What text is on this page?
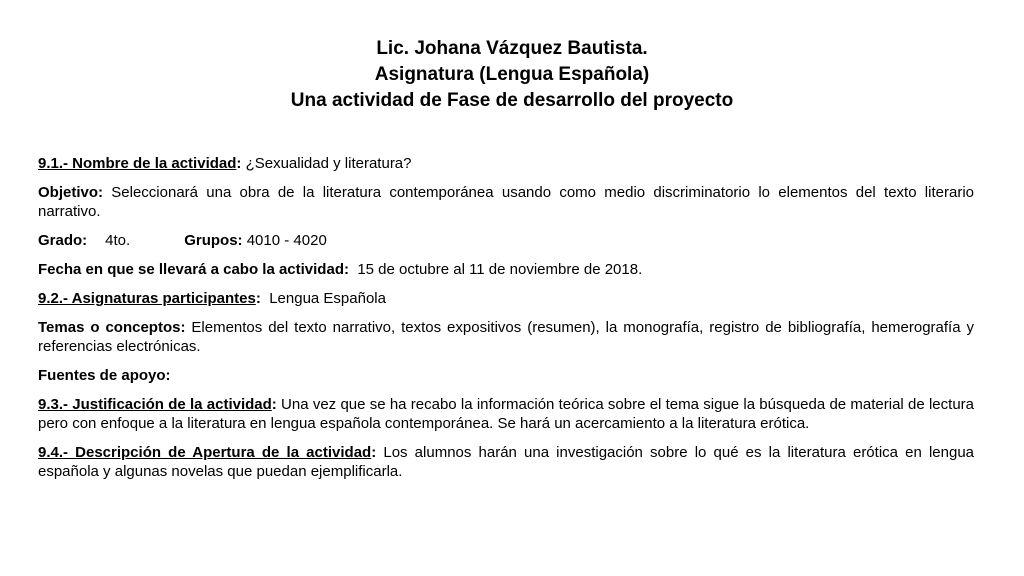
Lic. Johana Vázquez Bautista.
Asignatura (Lengua Española)
Una actividad de Fase de desarrollo del proyecto

9.1.- Nombre de la actividad: ¿Sexualidad y literatura?

Objetivo: Seleccionará una obra de la literatura contemporánea usando como medio discriminatorio lo elementos del texto literario narrativo.

Grado: 4to.	Grupos: 4010 - 4020

Fecha en que se llevará a cabo la actividad:  15 de octubre al 11 de noviembre de 2018.

9.2.- Asignaturas participantes:  Lengua Española

Temas o conceptos: Elementos del texto narrativo, textos expositivos (resumen), la monografía, registro de bibliografía, hemerografía y referencias electrónicas.

Fuentes de apoyo:

9.3.- Justificación de la actividad: Una vez que se ha recabo la información teórica sobre el tema sigue la búsqueda de material de lectura pero con enfoque a la literatura en lengua española contemporánea. Se hará un acercamiento a la literatura erótica.

9.4.- Descripción de Apertura de la actividad: Los alumnos harán una investigación sobre lo qué es la literatura erótica en lengua española y algunas novelas que puedan ejemplificarla.
